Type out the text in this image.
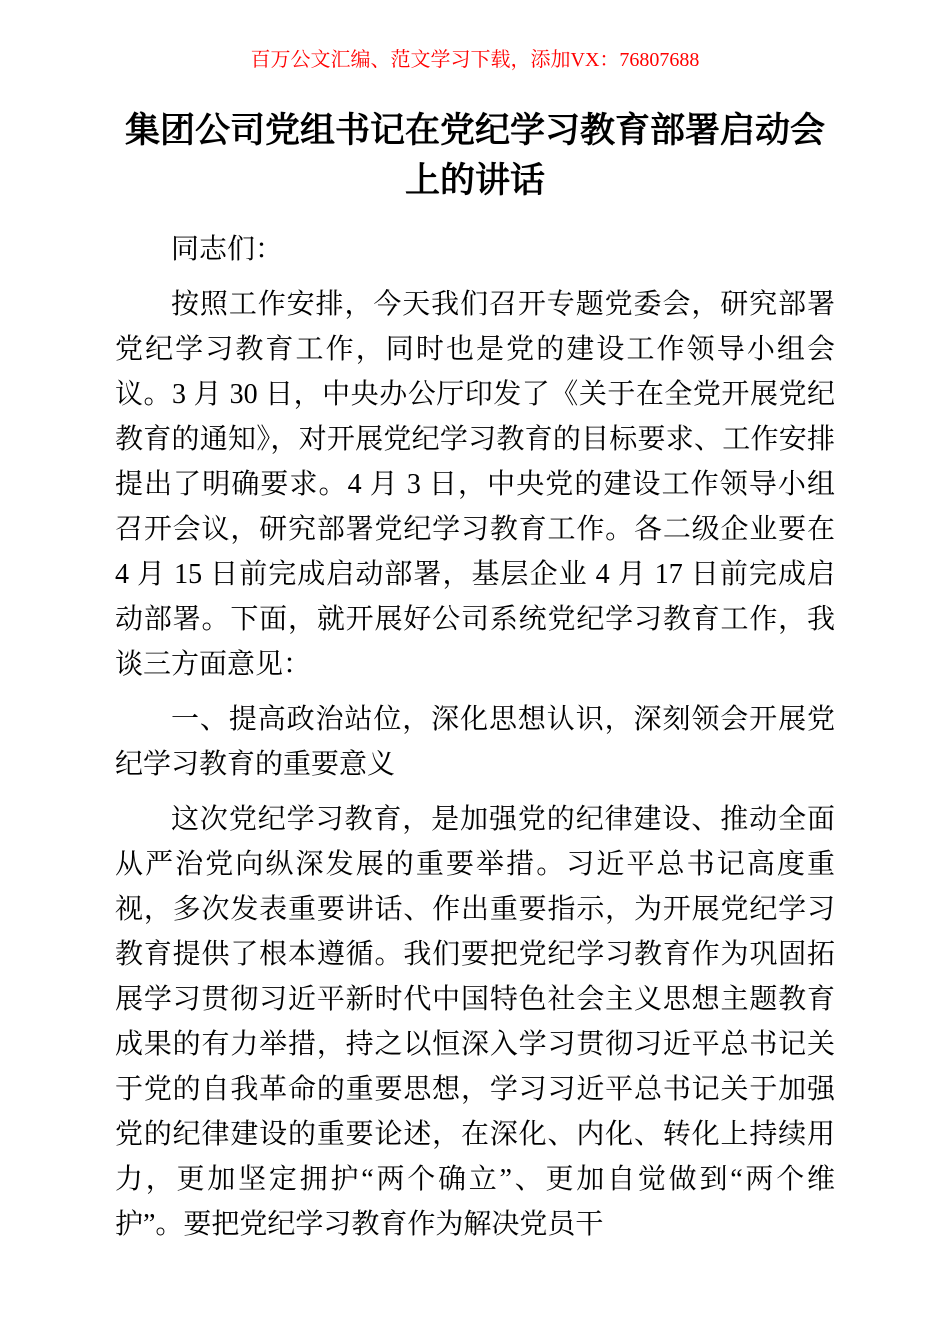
百万公文汇编、范文学习下载，添加VX：76807688
集团公司党组书记在党纪学习教育部署启动会上的讲话

同志们：

按照工作安排，今天我们召开专题党委会，研究部署党纪学习教育工作，同时也是党的建设工作领导小组会议。3 月 30 日，中央办公厅印发了《关于在全党开展党纪教育的通知》，对开展党纪学习教育的目标要求、工作安排提出了明确要求。4 月 3 日，中央党的建设工作领导小组召开会议，研究部署党纪学习教育工作。各二级企业要在 4 月 15 日前完成启动部署，基层企业 4 月 17 日前完成启动部署。下面，就开展好公司系统党纪学习教育工作，我谈三方面意见：

一、提高政治站位，深化思想认识，深刻领会开展党纪学习教育的重要意义

这次党纪学习教育，是加强党的纪律建设、推动全面从严治党向纵深发展的重要举措。习近平总书记高度重视，多次发表重要讲话、作出重要指示，为开展党纪学习教育提供了根本遵循。我们要把党纪学习教育作为巩固拓展学习贯彻习近平新时代中国特色社会主义思想主题教育成果的有力举措，持之以恒深入学习贯彻习近平总书记关于党的自我革命的重要思想，学习习近平总书记关于加强党的纪律建设的重要论述，在深化、内化、转化上持续用力，更加坚定拥护“两个确立”、更加自觉做到“两个维护”。要把党纪学习教育作为解决党员干
